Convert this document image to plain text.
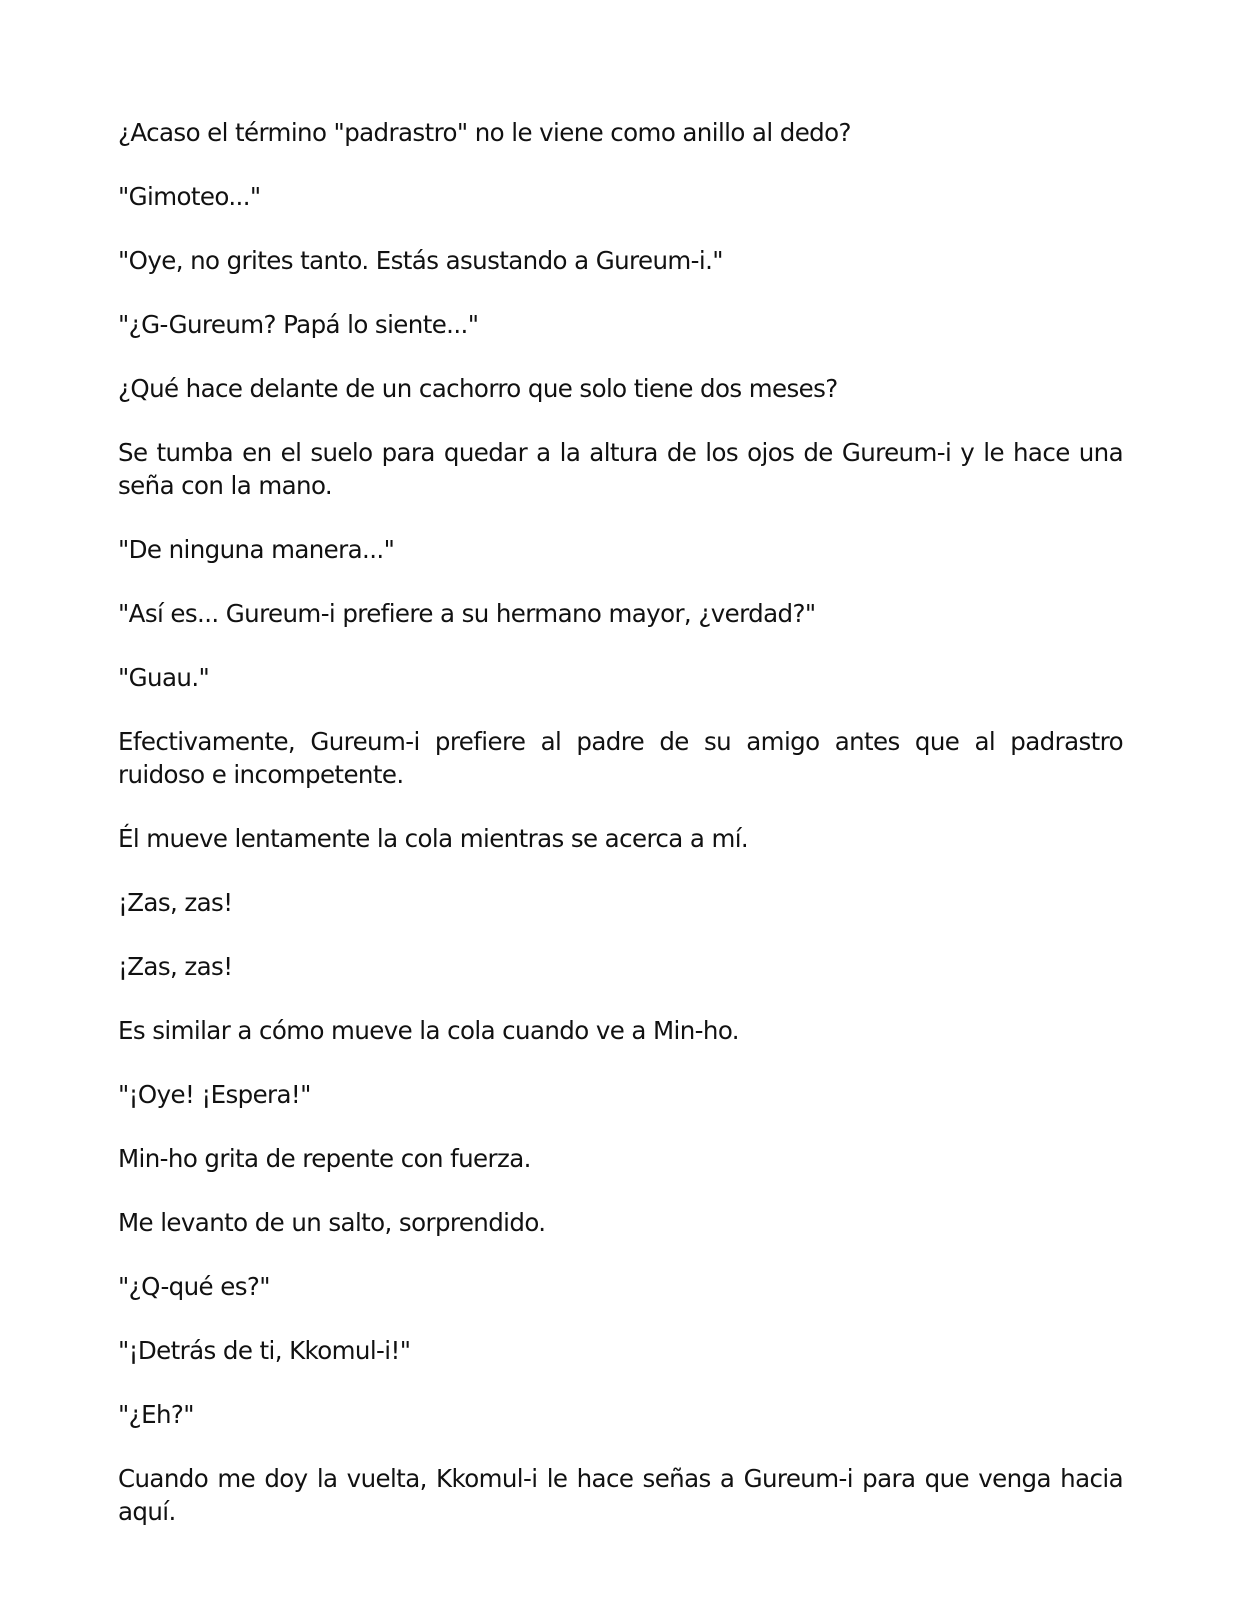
¿Acaso el término "padrastro" no le viene como anillo al dedo?

"Gimoteo..."

"Oye, no grites tanto. Estás asustando a Gureum-i."

"¿G-Gureum? Papá lo siente..."

¿Qué hace delante de un cachorro que solo tiene dos meses?

Se tumba en el suelo para quedar a la altura de los ojos de Gureum-i y le hace una seña con la mano.

"De ninguna manera..."

"Así es... Gureum-i prefiere a su hermano mayor, ¿verdad?"

"Guau."

Efectivamente, Gureum-i prefiere al padre de su amigo antes que al padrastro ruidoso e incompetente.

Él mueve lentamente la cola mientras se acerca a mí.

¡Zas, zas!

¡Zas, zas!

Es similar a cómo mueve la cola cuando ve a Min-ho.

"¡Oye! ¡Espera!"

Min-ho grita de repente con fuerza.

Me levanto de un salto, sorprendido.

"¿Q-qué es?"

"¡Detrás de ti, Kkomul-i!"

"¿Eh?"

Cuando me doy la vuelta, Kkomul-i le hace señas a Gureum-i para que venga hacia aquí.
